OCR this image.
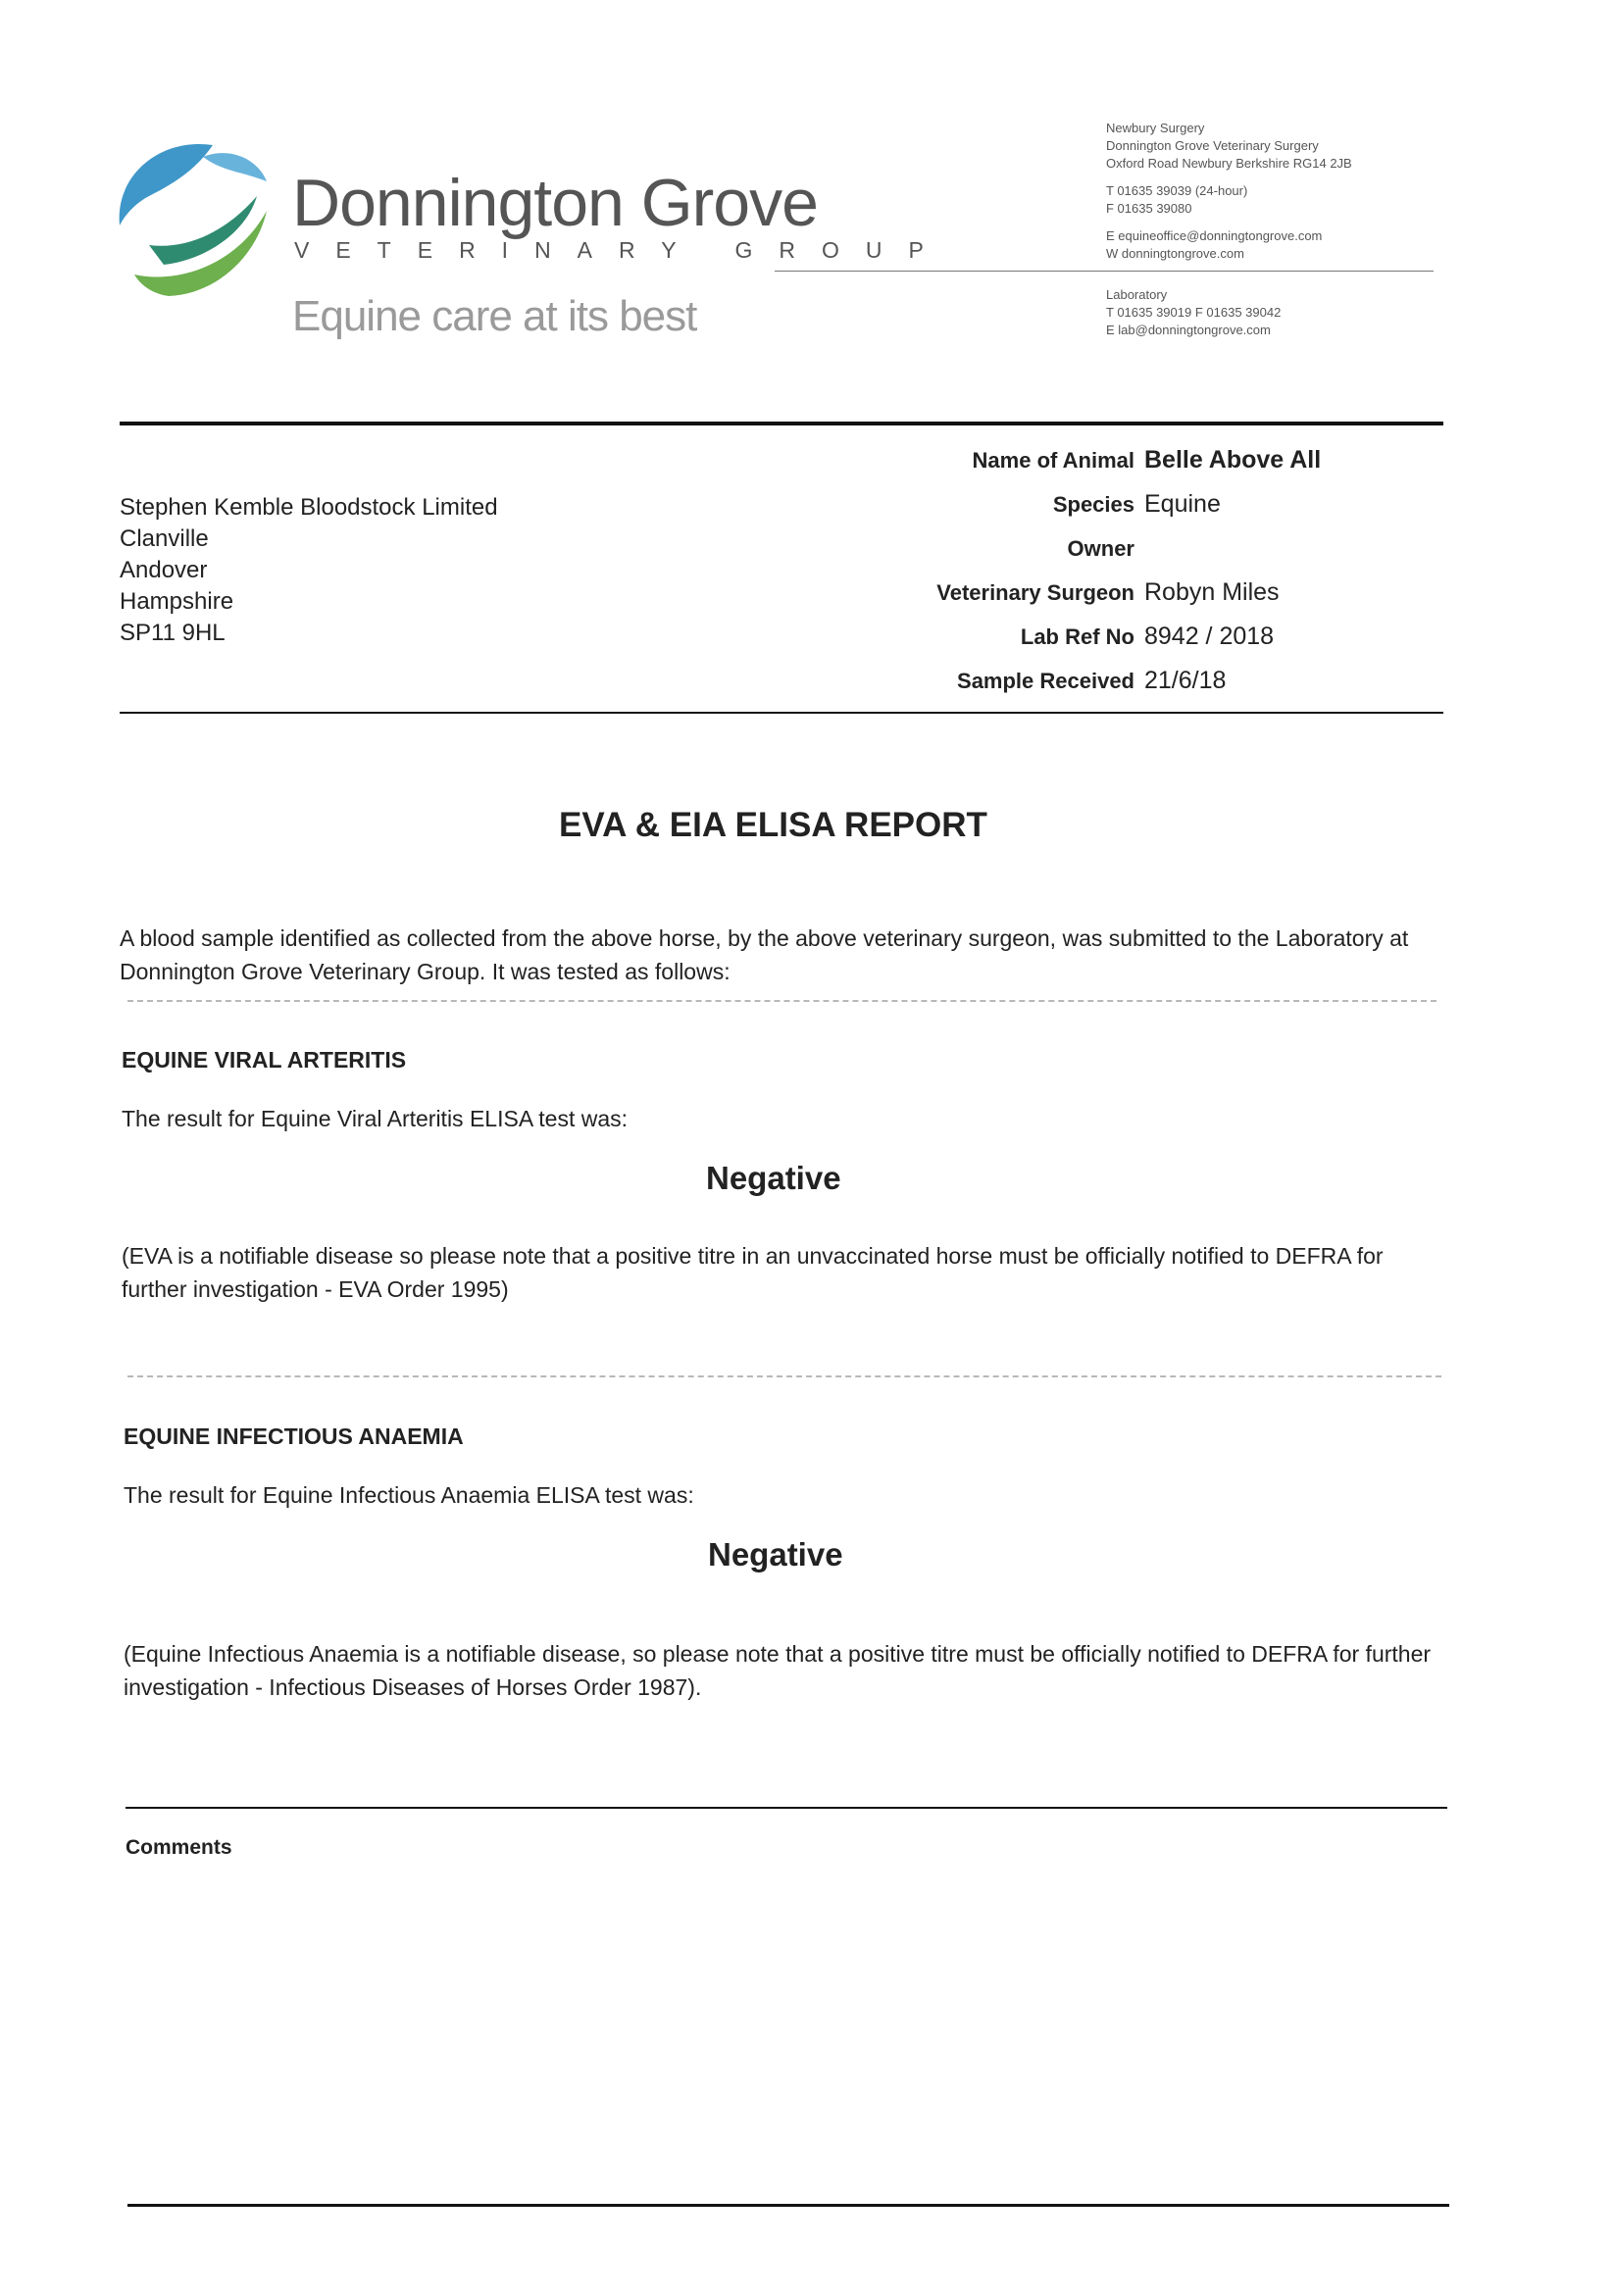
Donnington Grove
VETERINARY GROUP
Equine care at its best
Newbury Surgery
Donnington Grove Veterinary Surgery
Oxford Road Newbury Berkshire RG14 2JB
T 01635 39039 (24-hour)
F 01635 39080
E equineoffice@donningtongrove.com
W donningtongrove.com
Laboratory
T 01635 39019 F 01635 39042
E lab@donningtongrove.com
Stephen Kemble Bloodstock Limited
Clanville
Andover
Hampshire
SP11 9HL
Name of Animal Belle Above All
Species Equine
Owner
Veterinary Surgeon Robyn Miles
Lab Ref No 8942 / 2018
Sample Received 21/6/18
EVA & EIA ELISA REPORT
A blood sample identified as collected from the above horse, by the above veterinary surgeon, was submitted to the Laboratory at Donnington Grove Veterinary Group. It was tested as follows:
EQUINE VIRAL ARTERITIS
The result for Equine Viral Arteritis ELISA test was:
Negative
(EVA is a notifiable disease so please note that a positive titre in an unvaccinated horse must be officially notified to DEFRA for further investigation - EVA Order 1995)
EQUINE INFECTIOUS ANAEMIA
The result for Equine Infectious Anaemia ELISA test was:
Negative
(Equine Infectious Anaemia is a notifiable disease, so please note that a positive titre must be officially notified to DEFRA for further investigation - Infectious Diseases of Horses Order 1987).
Comments
